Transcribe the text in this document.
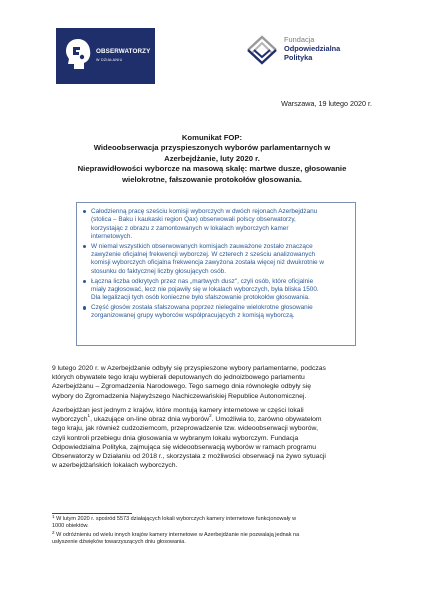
OBSERWATORZY
W DZIAŁANIU
Fundacja
Odpowiedzialna
Polityka
Warszawa, 19 lutego 2020 r.
Komunikat FOP:
Wideoobserwacja przyspieszonych wyborów parlamentarnych w
Azerbejdżanie, luty 2020 r.
Nieprawidłowości wyborcze na masową skalę: martwe dusze, głosowanie
wielokrotne, fałszowanie protokołów głosowania.
Całodzienną pracę sześciu komisji wyborczych w dwóch rejonach Azerbejdżanu
(stolica – Baku i kaukaski region Qax) obserwowali polscy obserwatorzy,
korzystając z obrazu z zamontowanych w lokalach wyborczych kamer
internetowych.
W niemal wszystkich obserwowanych komisjach zauważone zostało znaczące
zawyżenie oficjalnej frekwencji wyborczej. W czterech z sześciu analizowanych
komisji wyborczych oficjalna frekwencja zawyżona została więcej niż dwukrotnie w
stosunku do faktycznej liczby głosujących osób.
Łączna liczba odkrytych przez nas „martwych dusz", czyli osób, które oficjalnie
miały zagłosować, lecz nie pojawiły się w lokalach wyborczych, była bliska 1500.
Dla legalizacji tych osób konieczne było sfałszowanie protokołów głosowania.
Część głosów została sfałszowana poprzez nielegalne wielokrotne głosowanie
zorganizowanej grupy wyborców współpracujących z komisją wyborczą.
9 lutego 2020 r. w Azerbejdżanie odbyły się przyspieszone wybory parlamentarne, podczas
których obywatele tego kraju wybierali deputowanych do jednoizbowego parlamentu
Azerbejdżanu – Zgromadzenia Narodowego. Tego samego dnia równolegle odbyły się
wybory do Zgromadzenia Najwyższego Nachiczewańskiej Republice Autonomicznej.
Azerbejdżan jest jednym z krajów, które montują kamery internetowe w części lokali
wyborczych$^1$, ukazujące on-line obraz dnia wyborów$^2$. Umożliwia to, zarówno obywatelom
tego kraju, jak również cudzoziemcom, przeprowadzenie tzw. wideoobserwacji wyborów,
czyli kontroli przebiegu dnia głosowania w wybranym lokalu wyborczym. Fundacja
Odpowiedzialna Polityka, zajmująca się wideoobserwacją wyborów w ramach programu
Obserwatorzy w Działaniu od 2018 r., skorzystała z możliwości obserwacji na żywo sytuacji
w azerbejdżańskich lokalach wyborczych.
$^1$ W lutym 2020 r. spośród 5573 działających lokali wyborczych kamery internetowe funkcjonowały w
1000 obiektów.
$^2$ W odróżnieniu od wielu innych krajów kamery internetowe w Azerbejdżanie nie pozwalają jednak na
usłyszenie dźwięków towarzyszących dniu głosowania.
